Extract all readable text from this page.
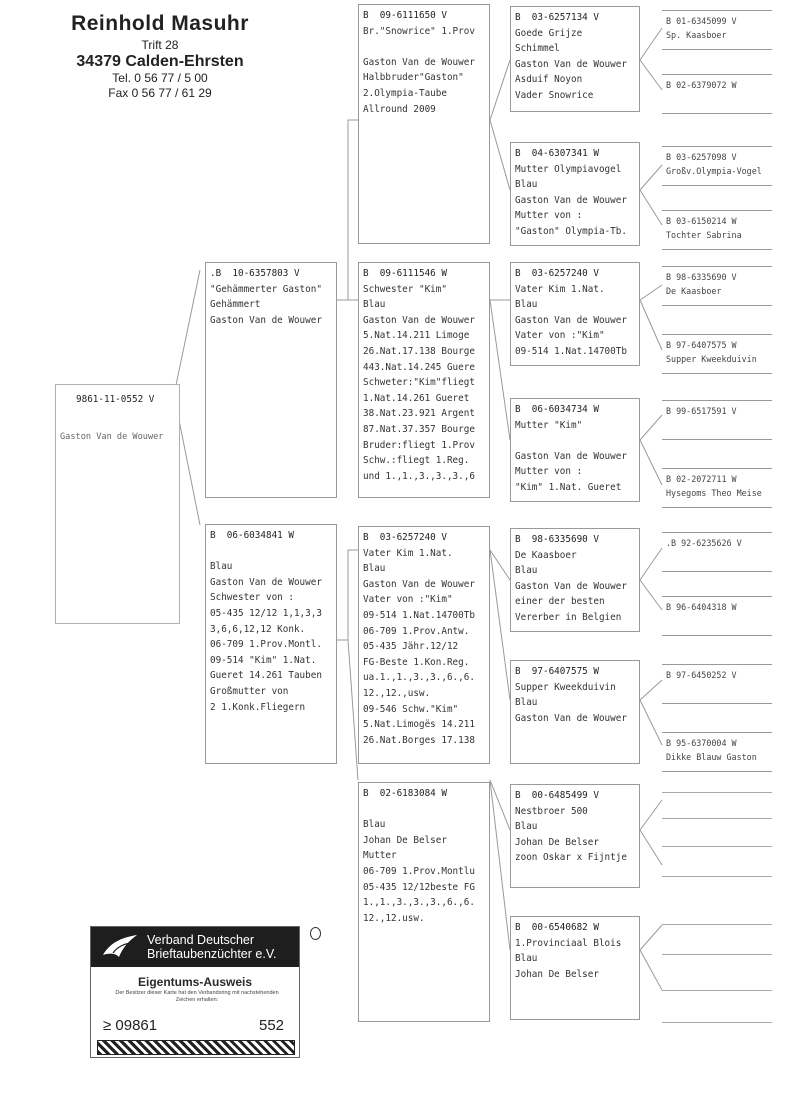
Reinhold Masuhr
Trift 28
34379 Calden-Ehrsten
Tel. 0 56 77 / 5 00
Fax 0 56 77 / 61 29
9861-11-0552 V
Gaston Van de Wouwer
.B  10-6357803 V
"Gehämmerter Gaston"
Gehämmert
Gaston Van de Wouwer
B  06-6034841 W

Blau
Gaston Van de Wouwer
Schwester von :
05-435 12/12 1,1,3,3
3,6,6,12,12 Konk.
06-709 1.Prov.Montl.
09-514 "Kim" 1.Nat.
Gueret 14.261 Tauben
Großmutter von
2 1.Konk.Fliegern
B  09-6111650 V
Br."Snowrice" 1.Prov

Gaston Van de Wouwer
Halbbruder"Gaston"
2.Olympia-Taube
Allround 2009
B  09-6111546 W
Schwester "Kim"
Blau
Gaston Van de Wouwer
5.Nat.14.211 Limoge
26.Nat.17.138 Bourge
443.Nat.14.245 Guere
Schweter:"Kim"fliegt
1.Nat.14.261 Gueret
38.Nat.23.921 Argent
87.Nat.37.357 Bourge
Bruder:fliegt 1.Prov
Schw.:fliegt 1.Reg.
und 1.,1.,3.,3.,3.,6
B  03-6257240 V
Vater Kim 1.Nat.
Blau
Gaston Van de Wouwer
Vater von :"Kim"
09-514 1.Nat.14700Tb
06-709 1.Prov.Antw.
05-435 Jähr.12/12
FG-Beste 1.Kon.Reg.
ua.1.,1.,3.,3.,6.,6.
12.,12.,usw.
09-546 Schw."Kim"
5.Nat.Limogës 14.211
26.Nat.Borges 17.138
B  02-6183084 W

Blau
Johan De Belser
Mutter
06-709 1.Prov.Montlu
05-435 12/12beste FG
1.,1.,3.,3.,3.,6.,6.
12.,12.usw.
B  03-6257134 V
Goede Grijze
Schimmel
Gaston Van de Wouwer
Asduif Noyon
Vader Snowrice
B  04-6307341 W
Mutter Olympiavogel
Blau
Gaston Van de Wouwer
Mutter von :
"Gaston" Olympia-Tb.
B  03-6257240 V
Vater Kim 1.Nat.
Blau
Gaston Van de Wouwer
Vater von :"Kim"
09-514 1.Nat.14700Tb
B  06-6034734 W
Mutter "Kim"

Gaston Van de Wouwer
Mutter von :
"Kim" 1.Nat. Gueret
B  98-6335690 V
De Kaasboer
Blau
Gaston Van de Wouwer
einer der besten
Vererber in Belgien
B  97-6407575 W
Supper Kweekduivin
Blau
Gaston Van de Wouwer
B  00-6485499 V
Nestbroer 500
Blau
Johan De Belser
zoon Oskar x Fijntje
B  00-6540682 W
1.Provinciaal Blois
Blau
Johan De Belser
B 01-6345099 V
Sp. Kaasboer
B 02-6379072 W
B 03-6257098 V
Großv.Olympia-Vogel
B 03-6150214 W
Tochter Sabrina
B 98-6335690 V
De Kaasboer
B 97-6407575 W
Supper Kweekduivin
B 99-6517591 V
B 02-2072711 W
Hysegoms Theo Meise
.B 92-6235626 V
B 96-6404318 W
B 97-6450252 V
B 95-6370004 W
Dikke Blauw Gaston
Verband Deutscher
Brieftaubenzüchter e.V.
Eigentums-Ausweis
Der Besitzer dieser Karte hat den Verbandsring mit nachstehenden Zeichen erhalten:
≥ 09861	552
